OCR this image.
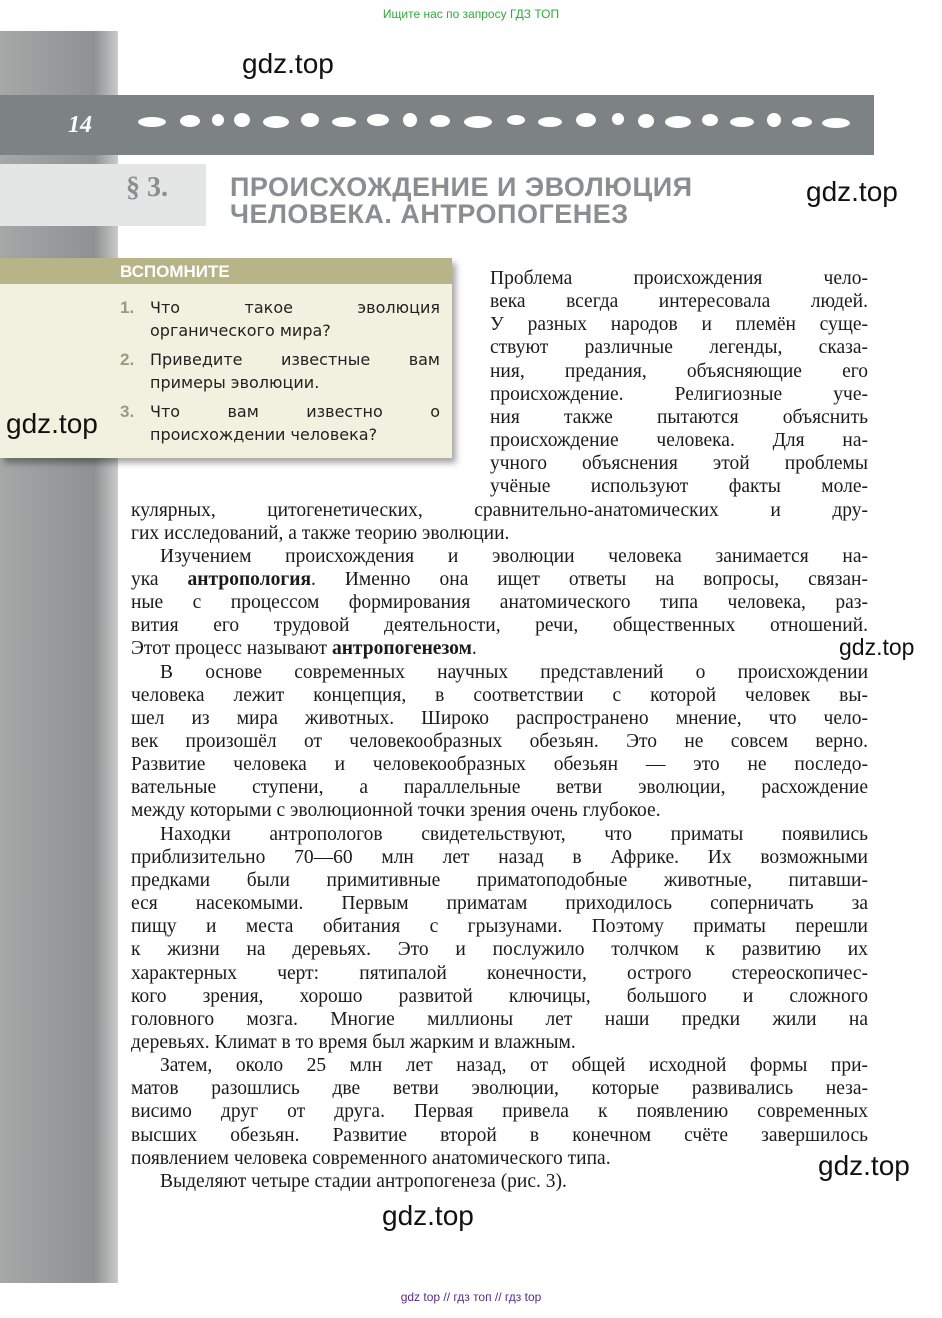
Ищите нас по запросу ГДЗ ТОП
14
§ 3. ПРОИСХОЖДЕНИЕ И ЭВОЛЮЦИЯ
ЧЕЛОВЕКА. АНТРОПОГЕНЕЗ
ВСПОМНИТЕ
1. Что такое эволюция органического мира?
2. Приведите известные вам примеры эволюции.
3. Что вам известно о происхождении человека?
Проблема происхождения чело-
века всегда интересовала людей.
У разных народов и племён суще-
ствуют различные легенды, сказа-
ния, предания, объясняющие его
происхождение. Религиозные уче-
ния также пытаются объяснить
происхождение человека. Для на-
учного объяснения этой проблемы
учёные используют факты моле-
кулярных, цитогенетических, сравнительно-анатомических и дру-
гих исследований, а также теорию эволюции.
Изучением происхождения и эволюции человека занимается на-
ука антропология. Именно она ищет ответы на вопросы, связан-
ные с процессом формирования анатомического типа человека, раз-
вития его трудовой деятельности, речи, общественных отношений.
Этот процесс называют антропогенезом.
В основе современных научных представлений о происхождении
человека лежит концепция, в соответствии с которой человек вы-
шел из мира животных. Широко распространено мнение, что чело-
век произошёл от человекообразных обезьян. Это не совсем верно.
Развитие человека и человекообразных обезьян — это не последо-
вательные ступени, а параллельные ветви эволюции, расхождение
между которыми с эволюционной точки зрения очень глубокое.
Находки антропологов свидетельствуют, что приматы появились
приблизительно 70—60 млн лет назад в Африке. Их возможными
предками были примитивные приматоподобные животные, питавши-
еся насекомыми. Первым приматам приходилось соперничать за
пищу и места обитания с грызунами. Поэтому приматы перешли
к жизни на деревьях. Это и послужило толчком к развитию их
характерных черт: пятипалой конечности, острого стереоскопичес-
кого зрения, хорошо развитой ключицы, большого и сложного
головного мозга. Многие миллионы лет наши предки жили на
деревьях. Климат в то время был жарким и влажным.
Затем, около 25 млн лет назад, от общей исходной формы при-
матов разошлись две ветви эволюции, которые развивались неза-
висимо друг от друга. Первая привела к появлению современных
высших обезьян. Развитие второй в конечном счёте завершилось
появлением человека современного анатомического типа.
Выделяют четыре стадии антропогенеза (рис. 3).
gdz.top
gdz.top
gdz.top
gdz.top
gdz.top
gdz.top
gdz top // гдз топ // гдз top
